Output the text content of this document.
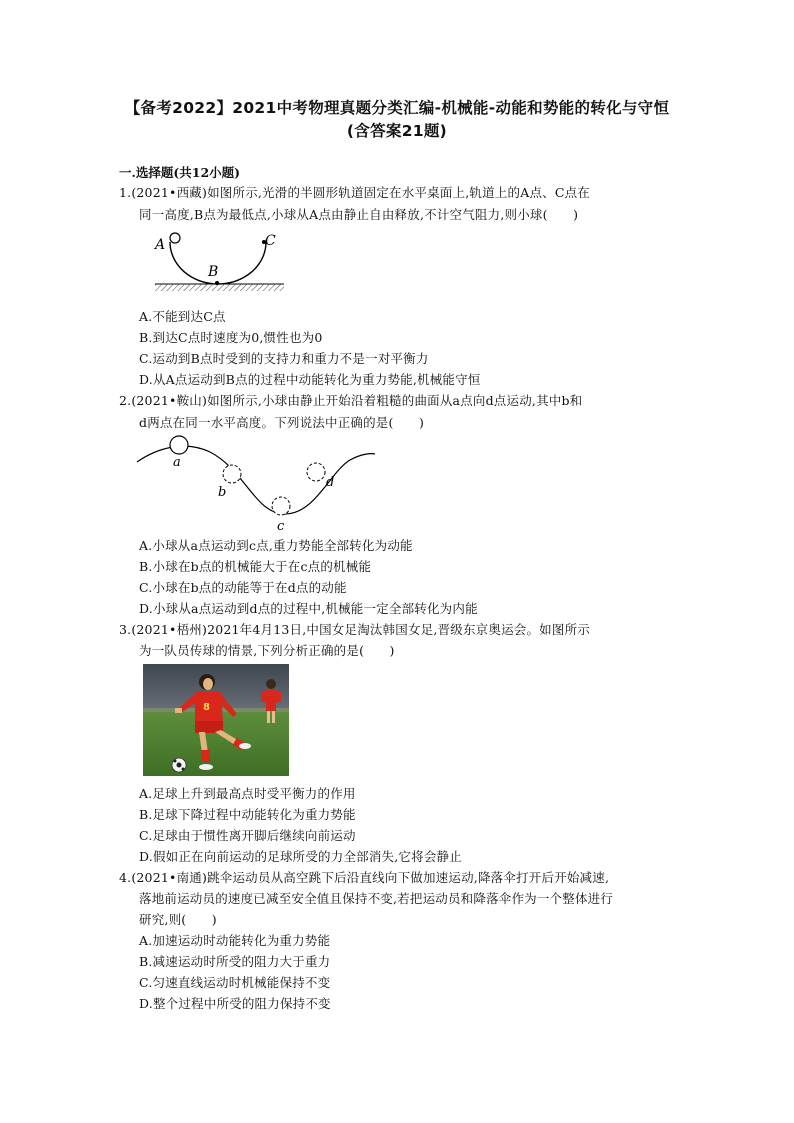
【备考2022】2021中考物理真题分类汇编-机械能-动能和势能的转化与守恒
(含答案21题)
一.选择题(共12小题)
1.(2021•西藏)如图所示,光滑的半圆形轨道固定在水平桌面上,轨道上的A点、C点在
同一高度,B点为最低点,小球从A点由静止自由释放,不计空气阻力,则小球(　　)
A
B
C
A.不能到达C点
B.到达C点时速度为0,惯性也为0
C.运动到B点时受到的支持力和重力不是一对平衡力
D.从A点运动到B点的过程中动能转化为重力势能,机械能守恒
2.(2021•鞍山)如图所示,小球由静止开始沿着粗糙的曲面从a点向d点运动,其中b和
d两点在同一水平高度。下列说法中正确的是(　　)
a
b
c
d
A.小球从a点运动到c点,重力势能全部转化为动能
B.小球在b点的机械能大于在c点的机械能
C.小球在b点的动能等于在d点的动能
D.小球从a点运动到d点的过程中,机械能一定全部转化为内能
3.(2021•梧州)2021年4月13日,中国女足淘汰韩国女足,晋级东京奥运会。如图所示
为一队员传球的情景,下列分析正确的是(　　)
8
A.足球上升到最高点时受平衡力的作用
B.足球下降过程中动能转化为重力势能
C.足球由于惯性离开脚后继续向前运动
D.假如正在向前运动的足球所受的力全部消失,它将会静止
4.(2021•南通)跳伞运动员从高空跳下后沿直线向下做加速运动,降落伞打开后开始减速,
落地前运动员的速度已减至安全值且保持不变,若把运动员和降落伞作为一个整体进行
研究,则(　　)
A.加速运动时动能转化为重力势能
B.减速运动时所受的阻力大于重力
C.匀速直线运动时机械能保持不变
D.整个过程中所受的阻力保持不变
